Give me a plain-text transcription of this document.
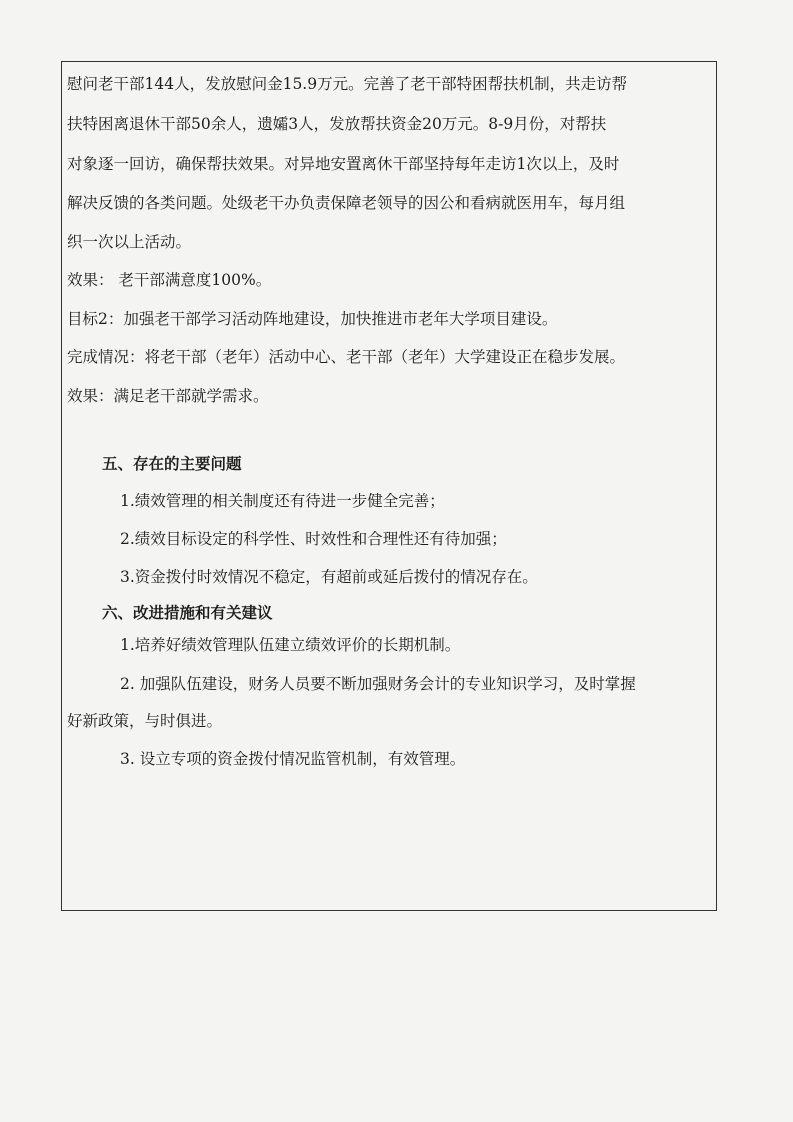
慰问老干部144人，发放慰问金15.9万元。完善了老干部特困帮扶机制，共走访帮
扶特困离退休干部50余人，遗孀3人，发放帮扶资金20万元。8-9月份，对帮扶
对象逐一回访，确保帮扶效果。对异地安置离休干部坚持每年走访1次以上，及时
解决反馈的各类问题。处级老干办负责保障老领导的因公和看病就医用车，每月组
织一次以上活动。
效果： 老干部满意度100%。
目标2：加强老干部学习活动阵地建设，加快推进市老年大学项目建设。
完成情况：将老干部（老年）活动中心、老干部（老年）大学建设正在稳步发展。
效果：满足老干部就学需求。
五、存在的主要问题
1.绩效管理的相关制度还有待进一步健全完善；
2.绩效目标设定的科学性、时效性和合理性还有待加强；
3.资金拨付时效情况不稳定，有超前或延后拨付的情况存在。
六、改进措施和有关建议
1.培养好绩效管理队伍建立绩效评价的长期机制。
2. 加强队伍建设，财务人员要不断加强财务会计的专业知识学习，及时掌握
好新政策，与时俱进。
3. 设立专项的资金拨付情况监管机制，有效管理。
